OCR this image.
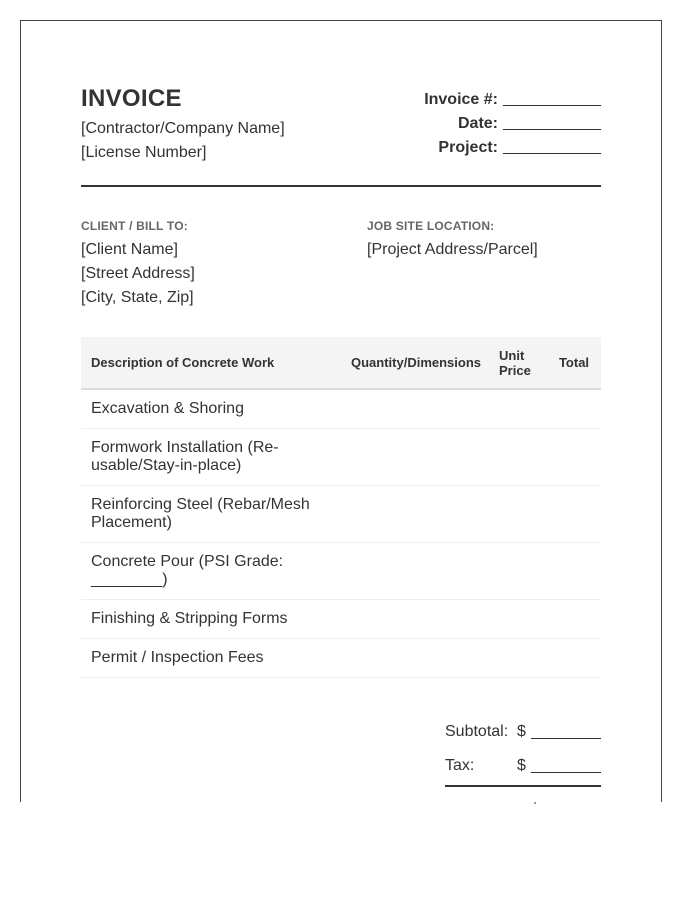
INVOICE
[Contractor/Company Name]
[License Number]
Invoice #:
Date:
Project:
CLIENT / BILL TO:
[Client Name]
[Street Address]
[City, State, Zip]
JOB SITE LOCATION:
[Project Address/Parcel]
Description of Concrete Work	Quantity/Dimensions	Unit Price	Total
Excavation & Shoring			
Formwork Installation (Re-usable/Stay-in-place)			
Reinforcing Steel (Rebar/Mesh Placement)			
Concrete Pour (PSI Grade: ________)			
Finishing & Stripping Forms			
Permit / Inspection Fees			
Subtotal: $
Tax:	$
